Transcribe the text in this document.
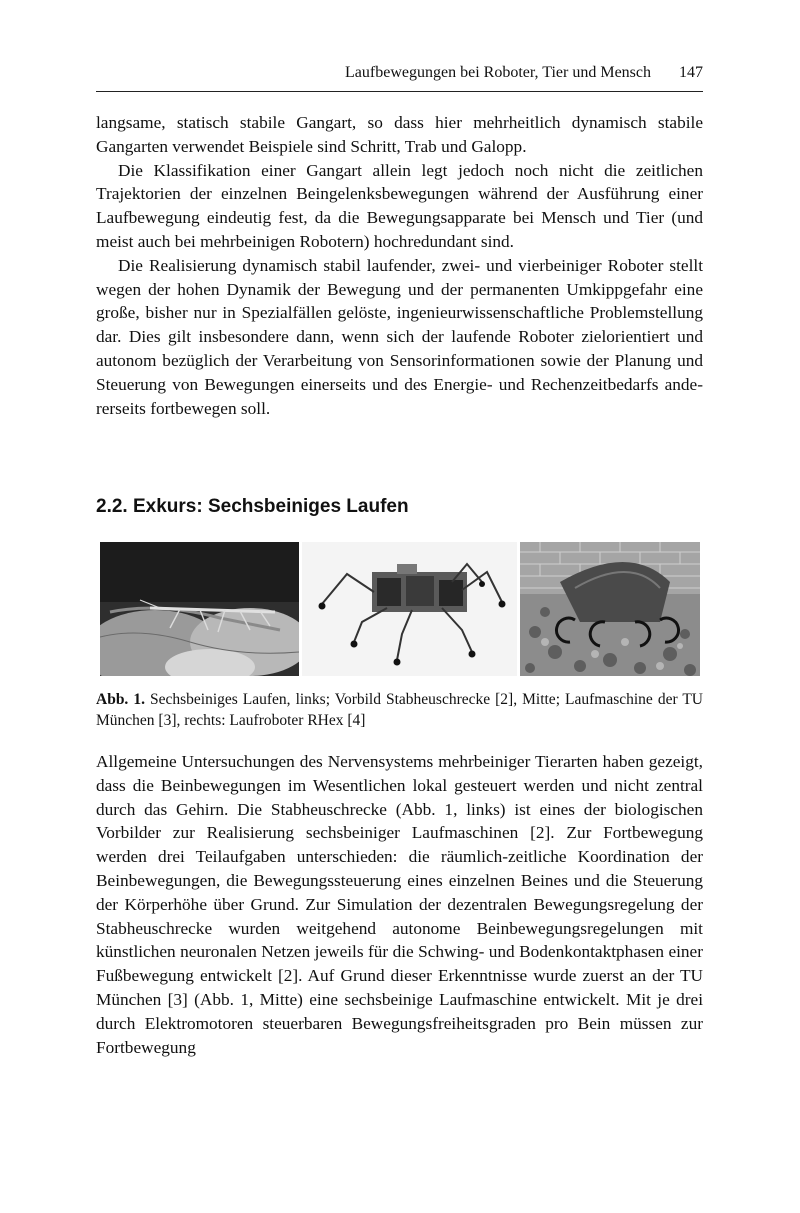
Laufbewegungen bei Roboter, Tier und Mensch 147

langsame, statisch stabile Gangart, so dass hier mehrheitlich dynamisch stabile Gangarten verwendet Beispiele sind Schritt, Trab und Galopp.

Die Klassifikation einer Gangart allein legt jedoch noch nicht die zeitlichen Trajektorien der einzelnen Beingelenksbewegungen während der Ausführung einer Laufbewegung eindeutig fest, da die Bewegungsapparate bei Mensch und Tier (und meist auch bei mehrbeinigen Robotern) hochredundant sind.

Die Realisierung dynamisch stabil laufender, zwei- und vierbeiniger Roboter stellt wegen der hohen Dynamik der Bewegung und der permanenten Umkippgefahr eine große, bisher nur in Spezialfällen gelöste, ingenieurwissenschaftliche Problemstellung dar. Dies gilt insbesondere dann, wenn sich der laufende Roboter zielorientiert und autonom bezüglich der Verarbeitung von Sensorinformationen sowie der Planung und Steuerung von Bewegungen einerseits und des Energie- und Rechenzeitbedarfs andererseits fortbewegen soll.

2.2. Exkurs: Sechsbeiniges Laufen

Abb. 1. Sechsbeiniges Laufen, links; Vorbild Stabheuschrecke [2], Mitte; Laufmaschine der TU München [3], rechts: Laufroboter RHex [4]

Allgemeine Untersuchungen des Nervensystems mehrbeiniger Tierarten haben gezeigt, dass die Beinbewegungen im Wesentlichen lokal gesteuert werden und nicht zentral durch das Gehirn. Die Stabheuschrecke (Abb. 1, links) ist eines der biologischen Vorbilder zur Realisierung sechsbeiniger Laufmaschinen [2]. Zur Fortbewegung werden drei Teilaufgaben unterschieden: die räumlich-zeitliche Koordination der Beinbewegungen, die Bewegungssteuerung eines einzelnen Beines und die Steuerung der Körperhöhe über Grund. Zur Simulation der dezentralen Bewegungsregelung der Stabheuschrecke wurden weitgehend autonome Beinbewegungsregelungen mit künstlichen neuronalen Netzen jeweils für die Schwing- und Bodenkontaktphasen einer Fußbewegung entwickelt [2]. Auf Grund dieser Erkenntnisse wurde zuerst an der TU München [3] (Abb. 1, Mitte) eine sechsbeinige Laufmaschine entwickelt. Mit je drei durch Elektromotoren steuerbaren Bewegungsfreiheitsgraden pro Bein müssen zur Fortbewegung
